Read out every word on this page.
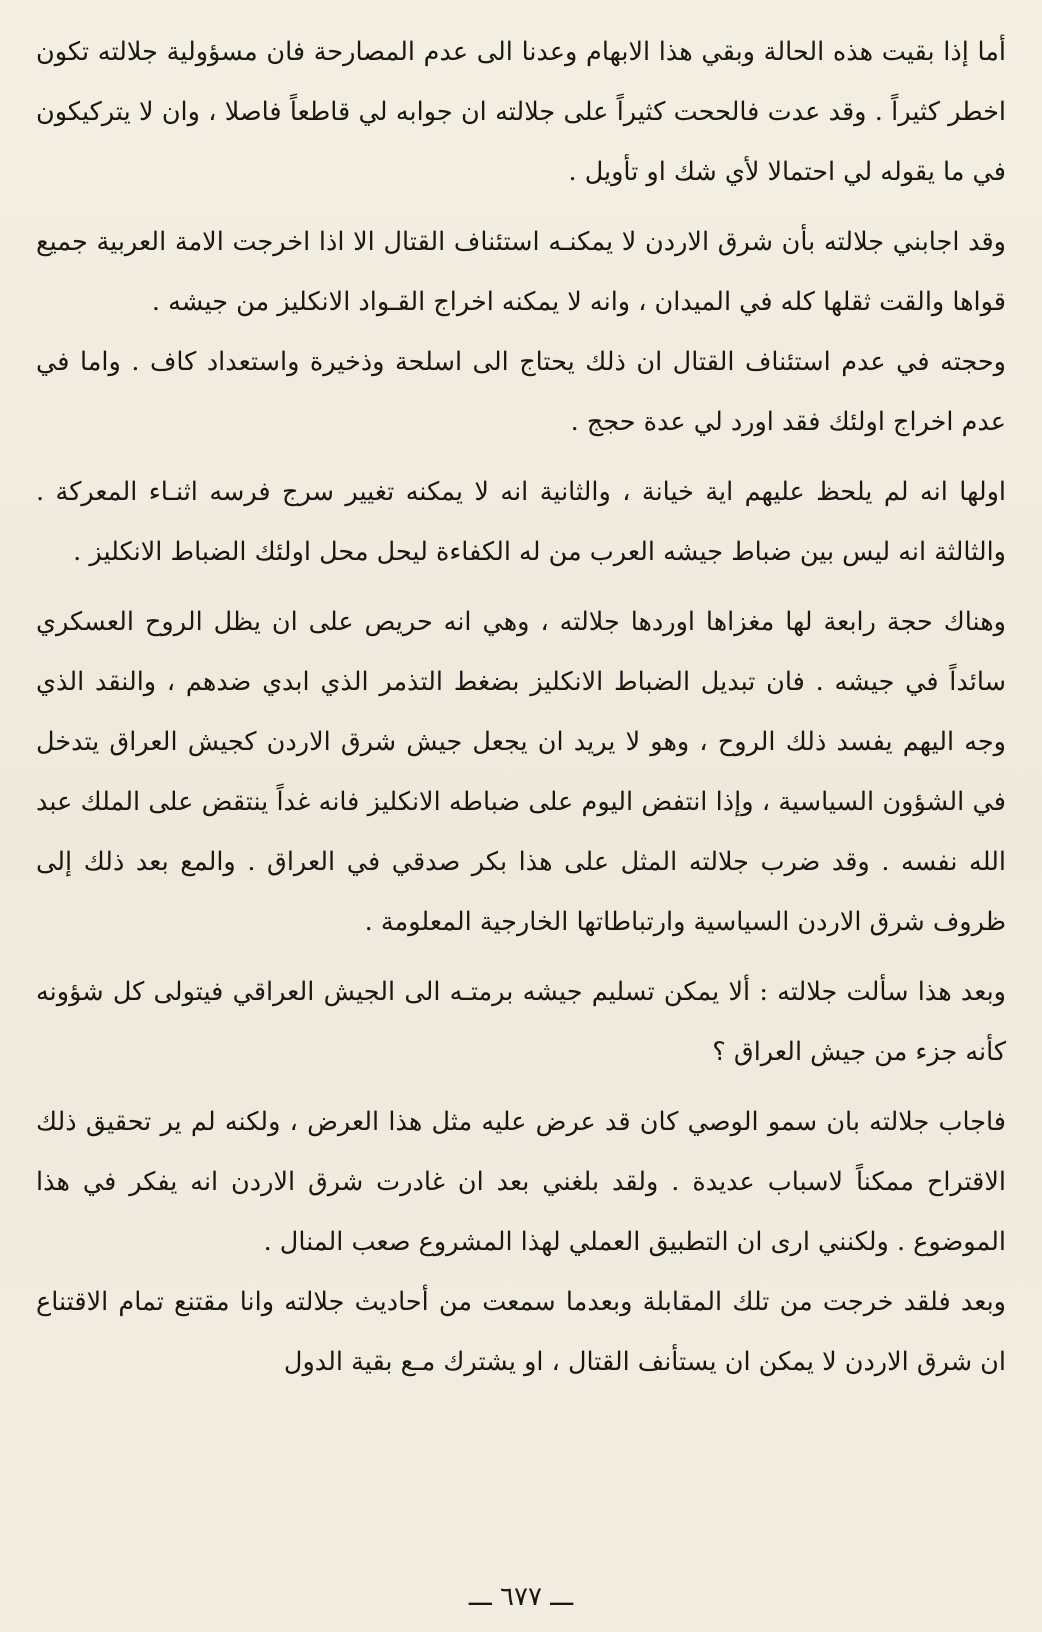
أما إذا بقيت هذه الحالة وبقي هذا الابهام وعدنا الى عدم المصارحة فان مسؤولية جلالته تكون اخطر كثيراً . وقد عدت فالححت كثيراً على جلالته ان جوابه لي قاطعاً فاصلا ، وان لا يتركيكون في ما يقوله لي احتمالا لأي شك او تأويل .

وقد اجابني جلالته بأن شرق الاردن لا يمكنـه استئناف القتال الا اذا اخرجت الامة العربية جميع قواها والقت ثقلها كله في الميدان ، وانه لا يمكنه اخراج القـواد الانكليز من جيشه .

وحجته في عدم استئناف القتال ان ذلك يحتاج الى اسلحة وذخيرة واستعداد كاف . واما في عدم اخراج اولئك فقد اورد لي عدة حجج .

اولها انه لم يلحظ عليهم اية خيانة ، والثانية انه لا يمكنه تغيير سرج فرسه اثنـاء المعركة . والثالثة انه ليس بين ضباط جيشه العرب من له الكفاءة ليحل محل اولئك الضباط الانكليز .

وهناك حجة رابعة لها مغزاها اوردها جلالته ، وهي انه حريص على ان يظل الروح العسكري سائداً في جيشه . فان تبديل الضباط الانكليز بضغط التذمر الذي ابدي ضدهم ، والنقد الذي وجه اليهم يفسد ذلك الروح ، وهو لا يريد ان يجعل جيش شرق الاردن كجيش العراق يتدخل في الشؤون السياسية ، وإذا انتفض اليوم على ضباطه الانكليز فانه غداً ينتقض على الملك عبد الله نفسه . وقد ضرب جلالته المثل على هذا بكر صدقي في العراق . والمع بعد ذلك إلى ظروف شرق الاردن السياسية وارتباطاتها الخارجية المعلومة .

وبعد هذا سألت جلالته : ألا يمكن تسليم جيشه برمتـه الى الجيش العراقي فيتولى كل شؤونه كأنه جزء من جيش العراق ؟

فاجاب جلالته بان سمو الوصي كان قد عرض عليه مثل هذا العرض ، ولكنه لم ير تحقيق ذلك الاقتراح ممكناً لاسباب عديدة . ولقد بلغني بعد ان غادرت شرق الاردن انه يفكر في هذا الموضوع . ولكنني ارى ان التطبيق العملي لهذا المشروع صعب المنال .

وبعد فلقد خرجت من تلك المقابلة وبعدما سمعت من أحاديث جلالته وانا مقتنع تمام الاقتناع ان شرق الاردن لا يمكن ان يستأنف القتال ، او يشترك مـع بقية الدول

ـــ ٦٧٧ ـــ
